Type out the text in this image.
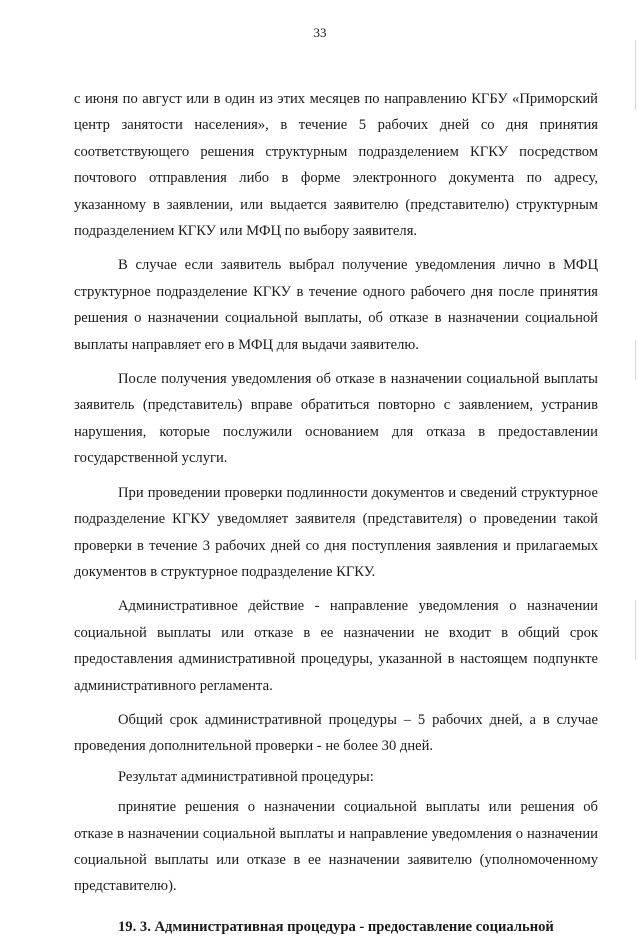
33

с июня по август или в один из этих месяцев по направлению КГБУ «Приморский центр занятости населения», в течение 5 рабочих дней со дня принятия соответствующего решения структурным подразделением КГКУ посредством почтового отправления либо в форме электронного документа по адресу, указанному в заявлении, или выдается заявителю (представителю) структурным подразделением КГКУ или МФЦ по выбору заявителя.

В случае если заявитель выбрал получение уведомления лично в МФЦ структурное подразделение КГКУ в течение одного рабочего дня после принятия решения о назначении социальной выплаты, об отказе в назначении социальной выплаты направляет его в МФЦ для выдачи заявителю.

После получения уведомления об отказе в назначении социальной выплаты заявитель (представитель) вправе обратиться повторно с заявлением, устранив нарушения, которые послужили основанием для отказа в предоставлении государственной услуги.

При проведении проверки подлинности документов и сведений структурное подразделение КГКУ уведомляет заявителя (представителя) о проведении такой проверки в течение 3 рабочих дней со дня поступления заявления и прилагаемых документов в структурное подразделение КГКУ.

Административное действие - направление уведомления о назначении социальной выплаты или отказе в ее назначении не входит в общий срок предоставления административной процедуры, указанной в настоящем подпункте административного регламента.

Общий срок административной процедуры – 5 рабочих дней, а в случае проведения дополнительной проверки - не более 30 дней.

Результат административной процедуры:

принятие решения о назначении социальной выплаты или решения об отказе в назначении социальной выплаты и направление уведомления о назначении социальной выплаты или отказе в ее назначении заявителю (уполномоченному представителю).

19. 3. Административная процедура - предоставление социальной
